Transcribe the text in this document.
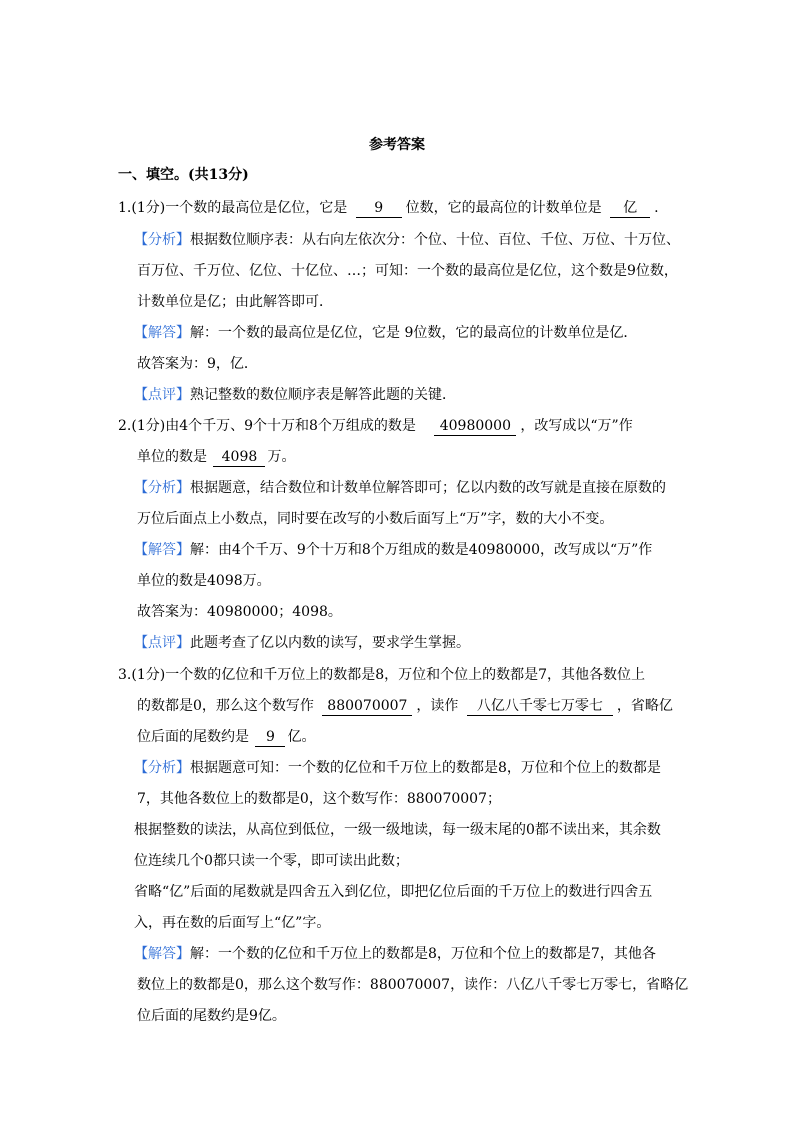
参考答案
一、填空。(共13分)
1.(1分)一个数的最高位是亿位，它是 9 位数，它的最高位的计数单位是 亿 .
【分析】根据数位顺序表：从右向左依次分：个位、十位、百位、千位、万位、十万位、
百万位、千万位、亿位、十亿位、…；可知：一个数的最高位是亿位，这个数是9位数，
计数单位是亿；由此解答即可．
【解答】解：一个数的最高位是亿位，它是 9位数，它的最高位的计数单位是亿．
故答案为：9，亿．
【点评】熟记整数的数位顺序表是解答此题的关键．
2.(1分)由4个千万、9个十万和8个万组成的数是 40980000 ，改写成以“万”作
单位的数是 4098 万。
【分析】根据题意，结合数位和计数单位解答即可；亿以内数的改写就是直接在原数的
万位后面点上小数点，同时要在改写的小数后面写上“万”字，数的大小不变。
【解答】解：由4个千万、9个十万和8个万组成的数是40980000，改写成以“万”作
单位的数是4098万。
故答案为：40980000；4098。
【点评】此题考查了亿以内数的读写，要求学生掌握。
3.(1分)一个数的亿位和千万位上的数都是8，万位和个位上的数都是7，其他各数位上
的数都是0，那么这个数写作 880070007 ，读作 八亿八千零七万零七 ，省略亿
位后面的尾数约是 9 亿。
【分析】根据题意可知：一个数的亿位和千万位上的数都是8，万位和个位上的数都是
7，其他各数位上的数都是0，这个数写作：880070007；
根据整数的读法，从高位到低位，一级一级地读，每一级末尾的0都不读出来，其余数
位连续几个0都只读一个零，即可读出此数；
省略“亿”后面的尾数就是四舍五入到亿位，即把亿位后面的千万位上的数进行四舍五
入，再在数的后面写上“亿”字。
【解答】解：一个数的亿位和千万位上的数都是8，万位和个位上的数都是7，其他各
数位上的数都是0，那么这个数写作：880070007，读作：八亿八千零七万零七，省略亿
位后面的尾数约是9亿。
